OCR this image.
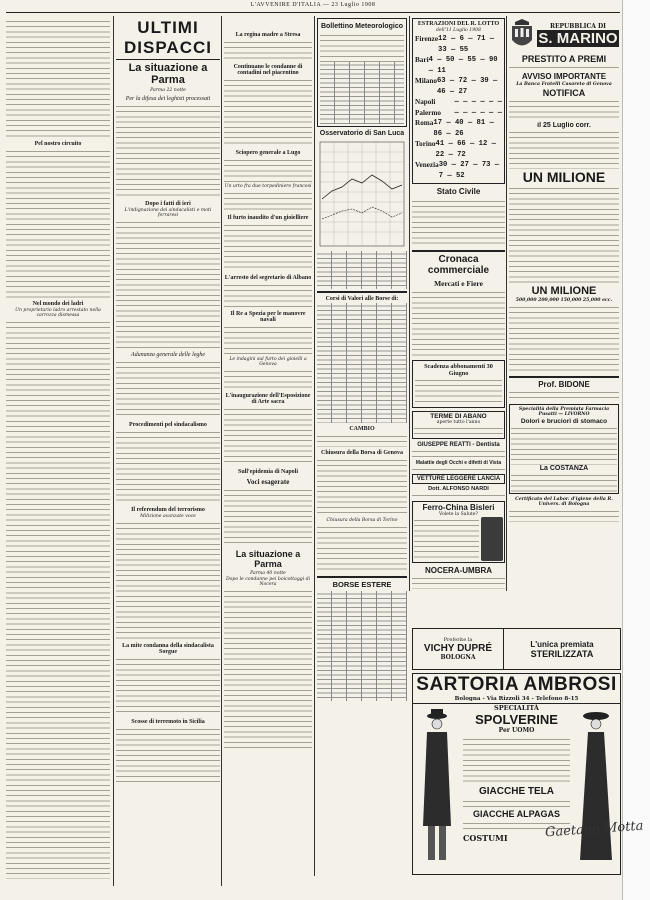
L'AVVENIRE D'ITALIA — 23 Luglio 1908
Pel nostro circuito
Nel mondo dei ladri
Un proprietario ladro arrestato nella carrozza dismessa
ULTIMI DISPACCI
La situazione a Parma
Parma 22 notte
Per la difesa dei leghisti processati
Dopo i fatti di ieri
L'indignazione dei sindacalisti e moti ferraresi
Adunanza generale delle leghe
Procedimenti pel sindacalismo
Il referendum del terrorismo
Milizione avanzate voce
La mite condanna della sindacalista Sorgue
Scosse di terremoto in Sicilia
La regina madre a Stresa
Continuano le condanne di contadini nel piacentino
Sciopero generale a Lugo
Un urto fra due torpediniere francesi
Il furto inaudito d'un gioielliere
L'arresto del segretario di Albano
Il Re a Spezia per le manovre navali
Le indagini sul furto dei gioielli a Genova
L'inaugurazione dell'Esposizione di Arte sacra
Sull'epidemia di Napoli
Voci esagerate
La situazione a Parma
Parma 40 notte
Dopo le condanne pei boicottaggi di Nocera
Bollettino Meteorologico
Osservatorio di San Luca
Corsi di Valori alle Borse di:
CAMBIO
Chiusura della Borsa di Genova
Chiusura della Borsa di Torino
BORSE ESTERE
ESTRAZIONI DEL R. LOTTO
dell'11 Luglio 1908
Firenze 12 — 6 — 71 — 33 — 55
Bari 4 — 50 — 55 — 90 — 11
Milano 63 — 72 — 39 — 46 — 27
Napoli	— — — — — —
Palermo — — — — — —
Roma 17 — 40 — 81 — 86 — 26
Torino 41 — 66 — 12 — 22 — 72
Venezia 30 — 27 — 73 — 7 — 52
Stato Civile
Cronaca commerciale
Mercati e Fiere
Scadenza abbonamenti 30 Giugno
TERME DI ABANO
aperte tutto l'anno
GIUSEPPE REATTI - Dentista
Malattie degli Occhi e difetti di Vista
VETTURE LEGGERE LANCIA
Dott. ALFONSO NARDI
Ferro-China Bisleri
Volete la Salute?
NOCERA-UMBRA
REPUBBLICA DI
S. MARINO
PRESTITO A PREMI
AVVISO IMPORTANTE
La Banca Fratelli Casareto di Genova
NOTIFICA
il 25 Luglio corr.
UN MILIONE
UN MILIONE
500,000 200,000 150,000 25,000 ecc.
Prof. BIDONE
Specialità della Premiata Farmacia Pusatti — LIVORNO
Dolori e bruciori di stomaco
La COSTANZA
Certificato del Labor. d'igiene della R. Univers. di Bologna
Preferite la
VICHY DUPRÉ
BOLOGNA
L'unica premiata
STERILIZZATA
SARTORIA AMBROSI
Bologna - Via Rizzoli 34 - Telefono 8-15
SPECIALITÀ
SPOLVERINE
Per UOMO
GIACCHE TELA
GIACCHE ALPAGAS
COSTUMI	Gaetano Motta
